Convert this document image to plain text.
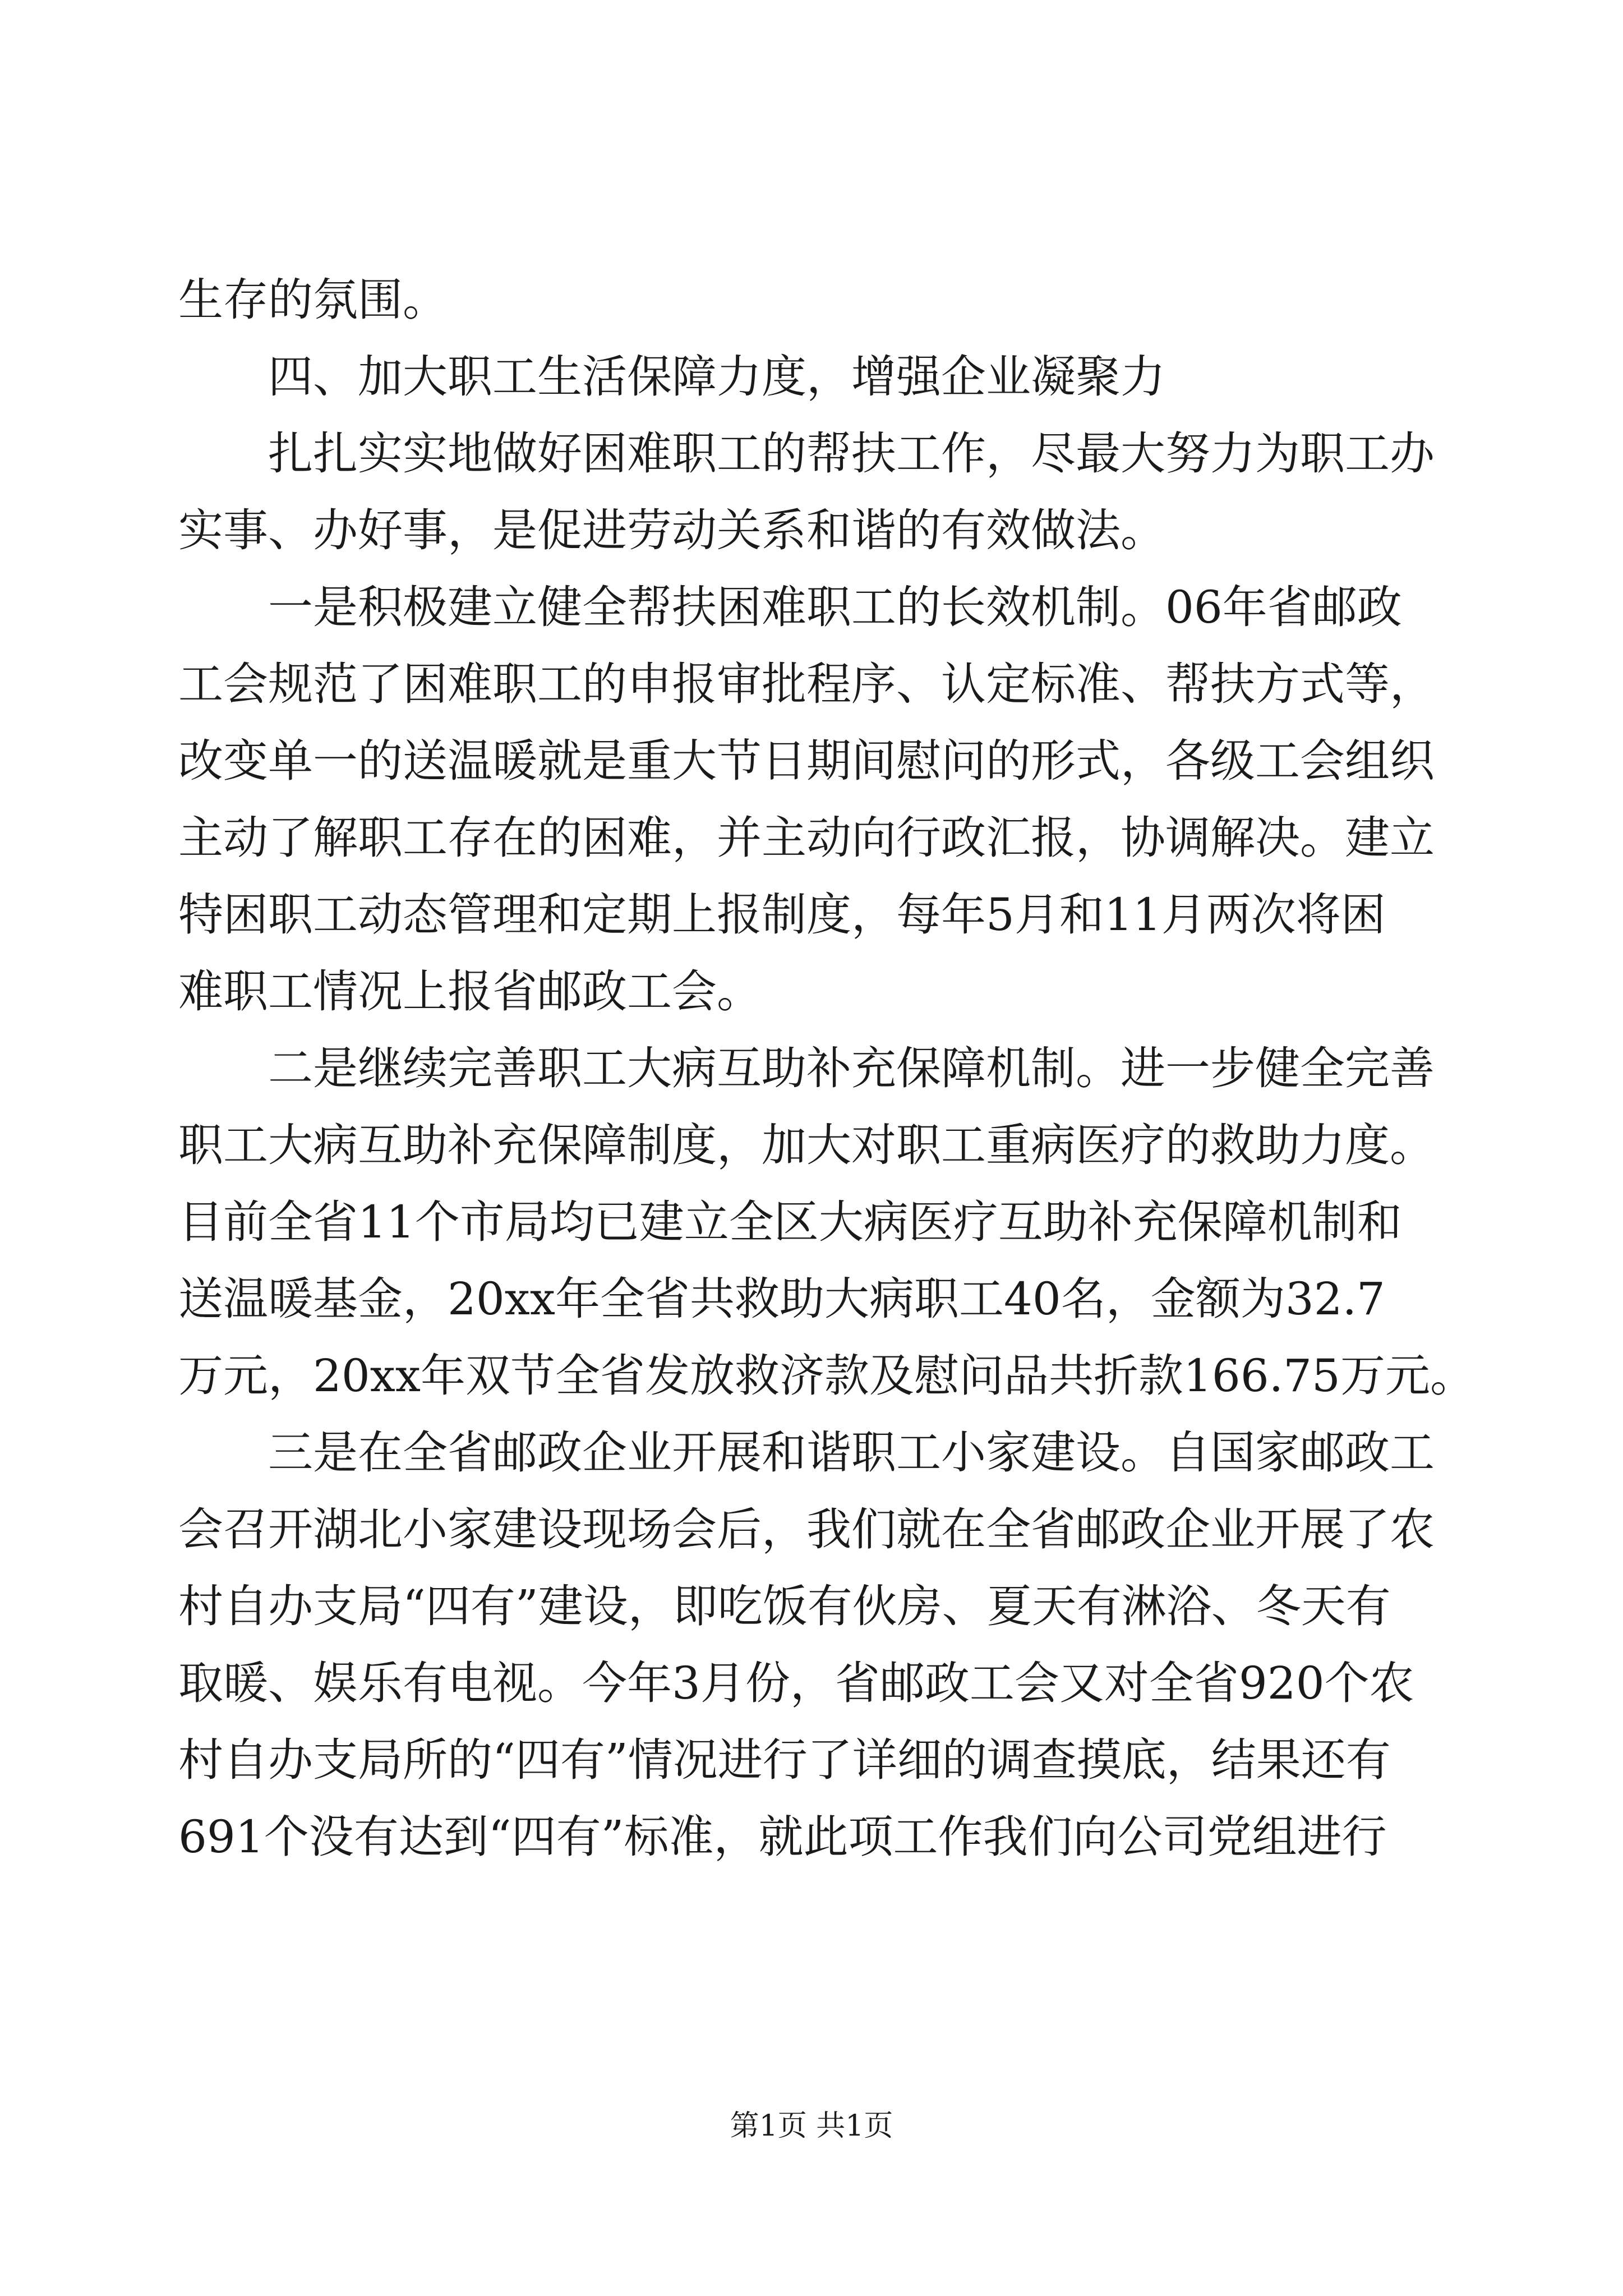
生存的氛围。
四、加大职工生活保障力度，增强企业凝聚力
扎扎实实地做好困难职工的帮扶工作，尽最大努力为职工办
实事、办好事，是促进劳动关系和谐的有效做法。
一是积极建立健全帮扶困难职工的长效机制。06年省邮政
工会规范了困难职工的申报审批程序、认定标准、帮扶方式等，
改变单一的送温暖就是重大节日期间慰问的形式，各级工会组织
主动了解职工存在的困难，并主动向行政汇报，协调解决。建立
特困职工动态管理和定期上报制度，每年5月和11月两次将困
难职工情况上报省邮政工会。
二是继续完善职工大病互助补充保障机制。进一步健全完善
职工大病互助补充保障制度，加大对职工重病医疗的救助力度。
目前全省11个市局均已建立全区大病医疗互助补充保障机制和
送温暖基金，20xx年全省共救助大病职工40名，金额为32.7
万元，20xx年双节全省发放救济款及慰问品共折款166.75万元。
三是在全省邮政企业开展和谐职工小家建设。自国家邮政工
会召开湖北小家建设现场会后，我们就在全省邮政企业开展了农
村自办支局“四有”建设，即吃饭有伙房、夏天有淋浴、冬天有
取暖、娱乐有电视。今年3月份，省邮政工会又对全省920个农
村自办支局所的“四有”情况进行了详细的调查摸底，结果还有
691个没有达到“四有”标准，就此项工作我们向公司党组进行
第1页 共1页
